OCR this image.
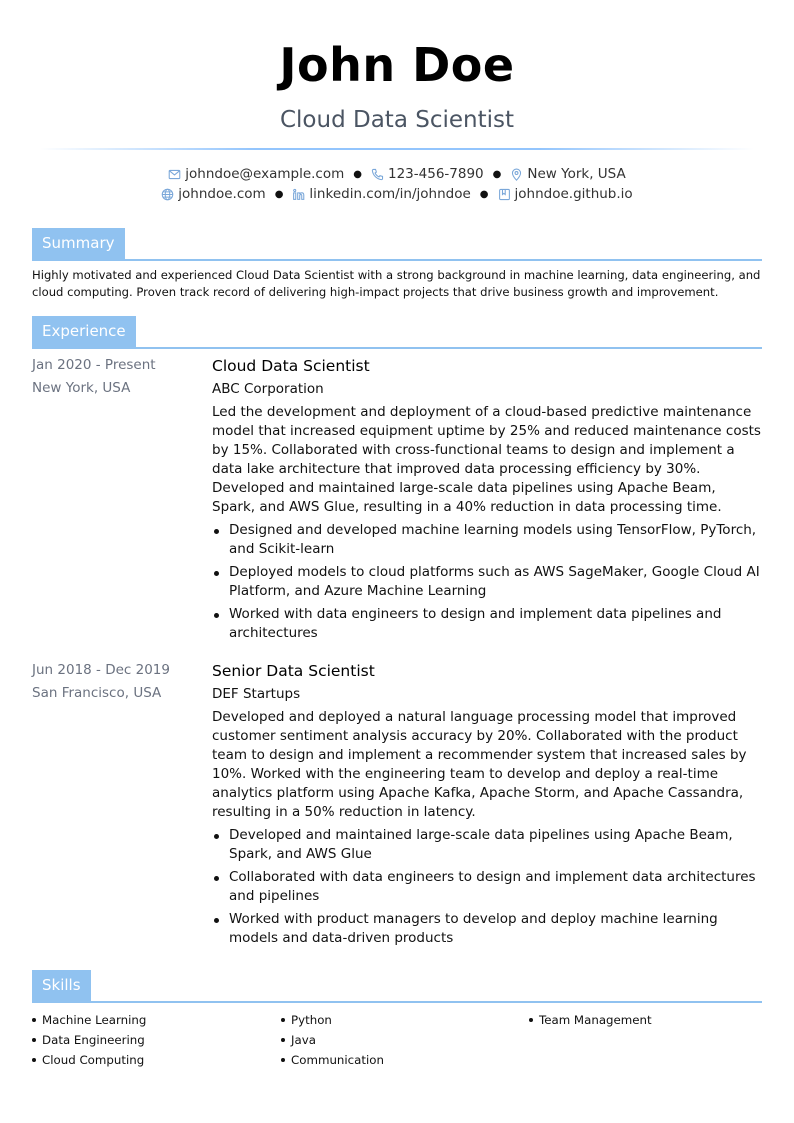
John Doe
Cloud Data Scientist
johndoe@example.com ● 123-456-7890 ● New York, USA
johndoe.com ● linkedin.com/in/johndoe ● johndoe.github.io
Summary
Highly motivated and experienced Cloud Data Scientist with a strong background in machine learning, data engineering, and cloud computing. Proven track record of delivering high-impact projects that drive business growth and improvement.
Experience
Jan 2020 - Present
New York, USA
Cloud Data Scientist
ABC Corporation
Led the development and deployment of a cloud-based predictive maintenance model that increased equipment uptime by 25% and reduced maintenance costs by 15%. Collaborated with cross-functional teams to design and implement a data lake architecture that improved data processing efficiency by 30%. Developed and maintained large-scale data pipelines using Apache Beam, Spark, and AWS Glue, resulting in a 40% reduction in data processing time.
Designed and developed machine learning models using TensorFlow, PyTorch, and Scikit-learn
Deployed models to cloud platforms such as AWS SageMaker, Google Cloud AI Platform, and Azure Machine Learning
Worked with data engineers to design and implement data pipelines and architectures
Jun 2018 - Dec 2019
San Francisco, USA
Senior Data Scientist
DEF Startups
Developed and deployed a natural language processing model that improved customer sentiment analysis accuracy by 20%. Collaborated with the product team to design and implement a recommender system that increased sales by 10%. Worked with the engineering team to develop and deploy a real-time analytics platform using Apache Kafka, Apache Storm, and Apache Cassandra, resulting in a 50% reduction in latency.
Developed and maintained large-scale data pipelines using Apache Beam, Spark, and AWS Glue
Collaborated with data engineers to design and implement data architectures and pipelines
Worked with product managers to develop and deploy machine learning models and data-driven products
Skills
Machine Learning
Data Engineering
Cloud Computing
Python
Java
Communication
Team Management
